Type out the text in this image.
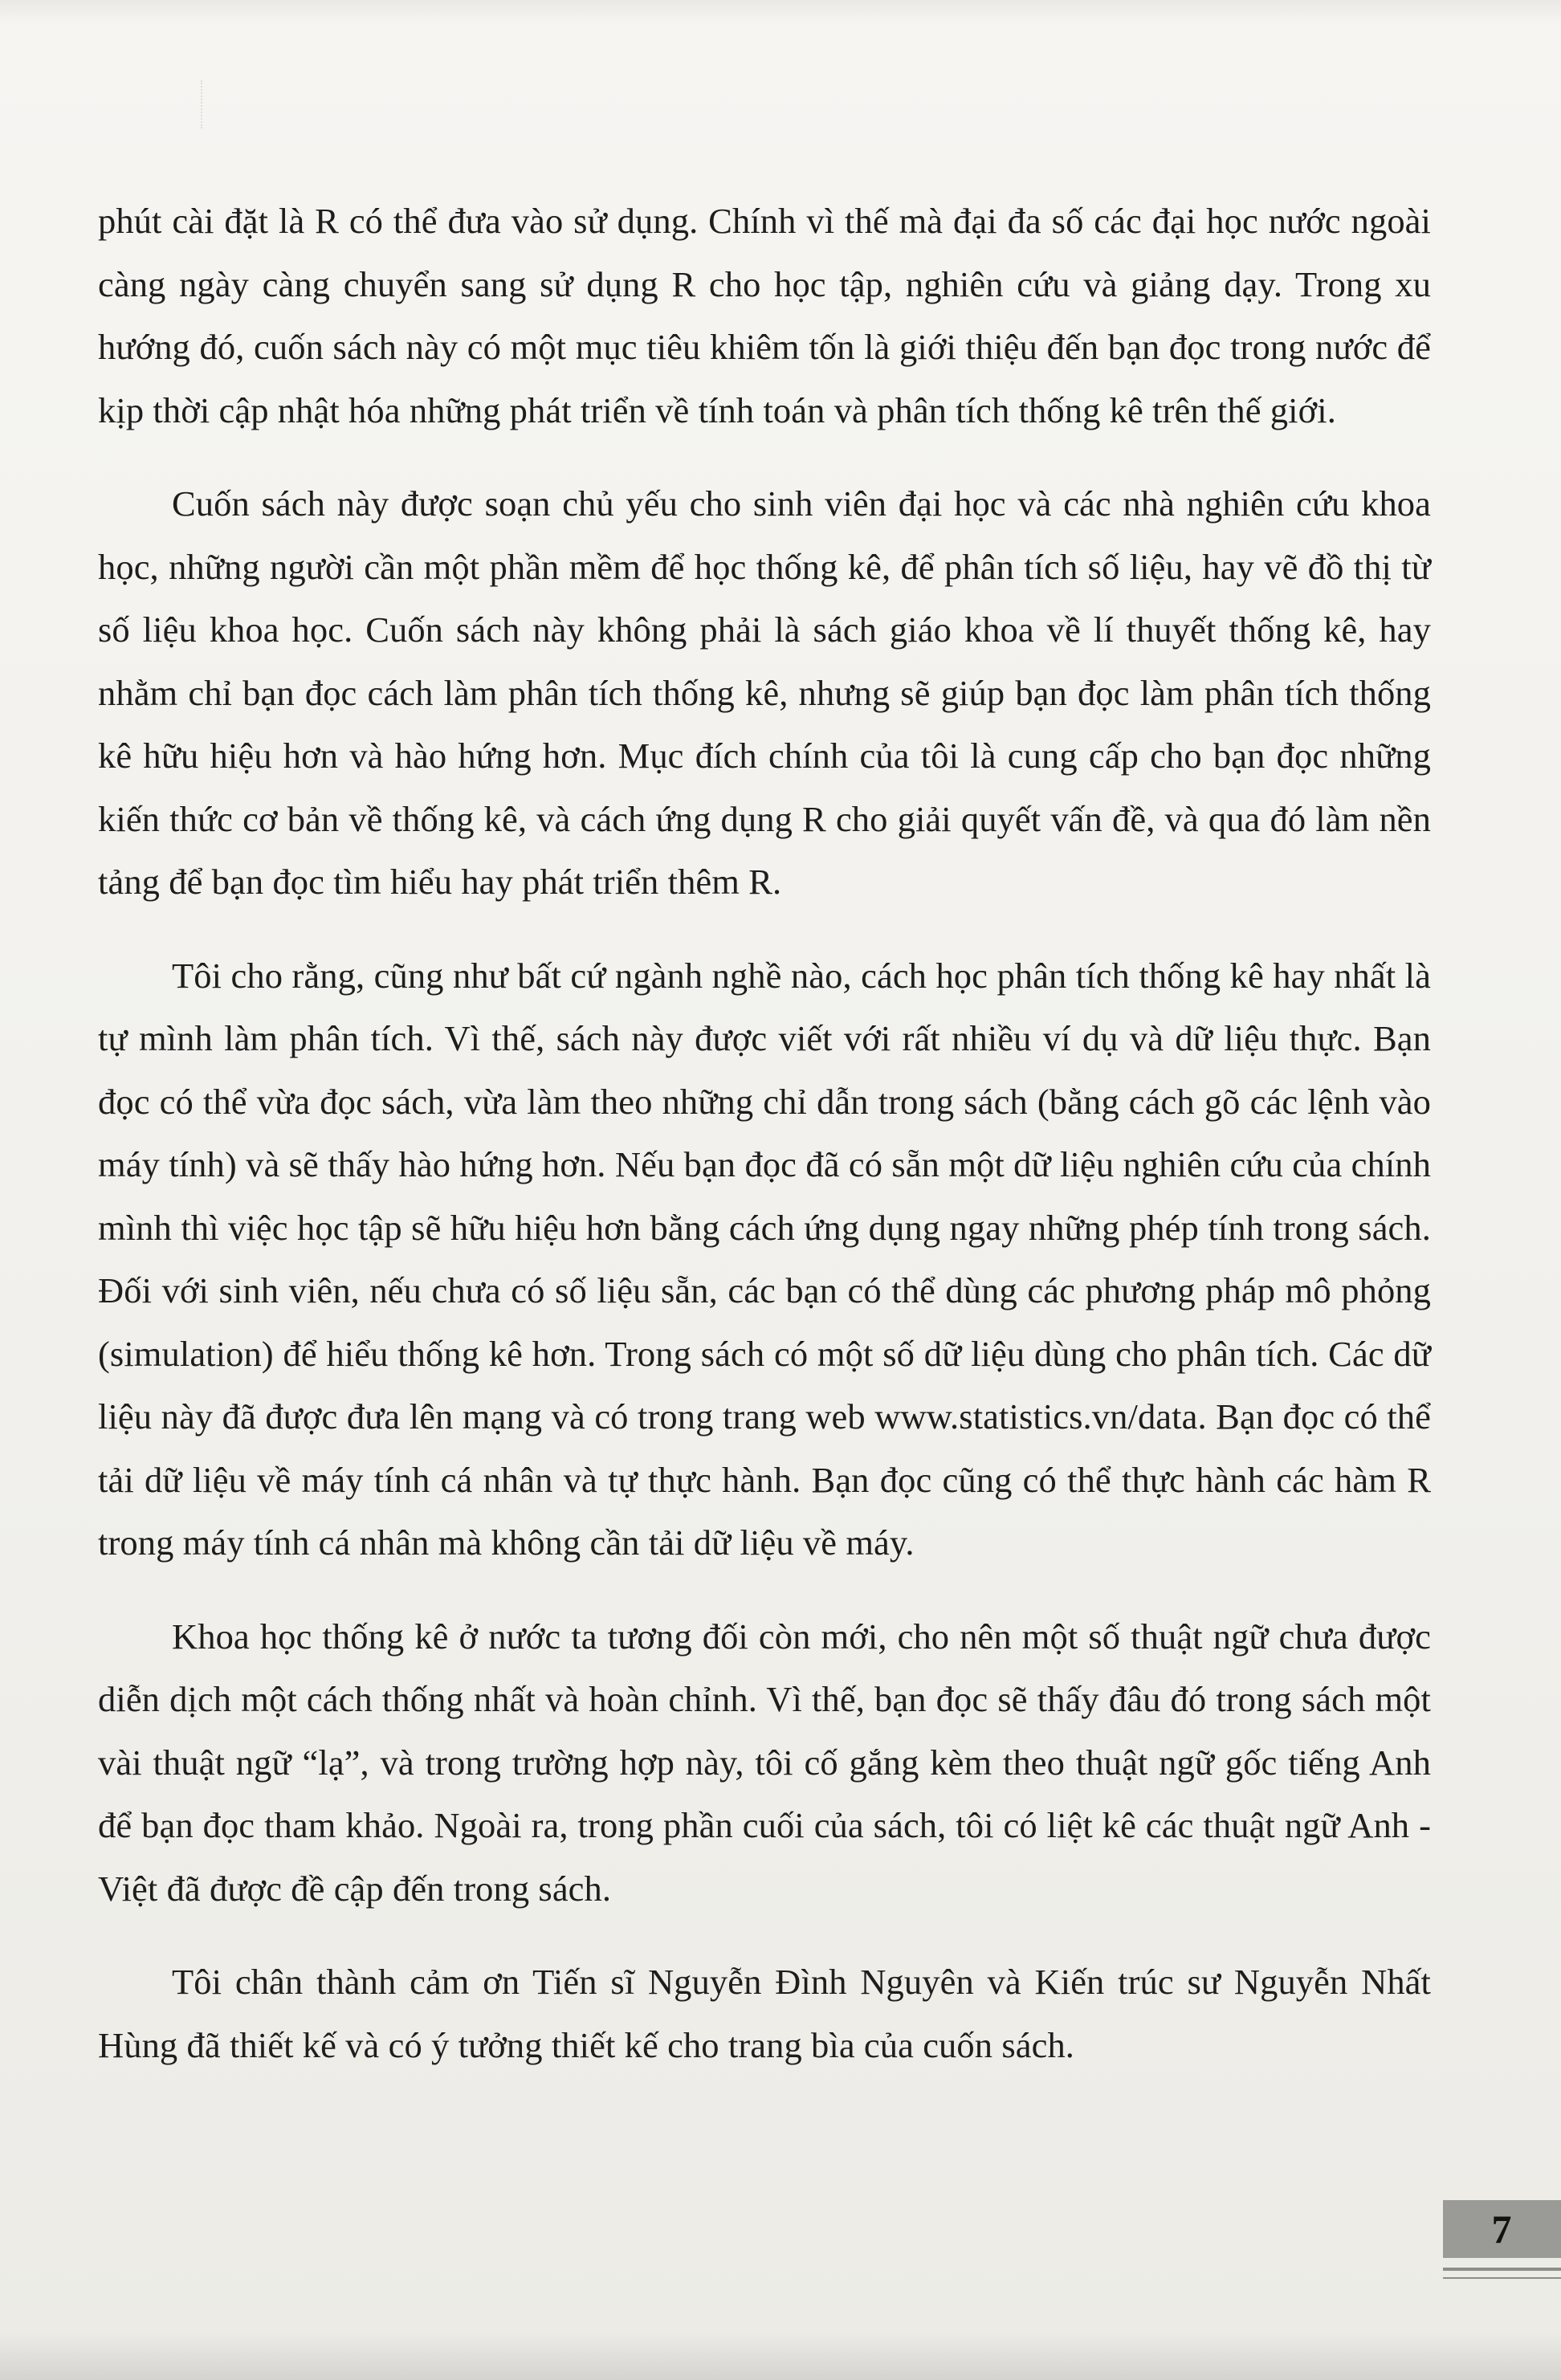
phút cài đặt là R có thể đưa vào sử dụng. Chính vì thế mà đại đa số các đại học nước ngoài càng ngày càng chuyển sang sử dụng R cho học tập, nghiên cứu và giảng dạy. Trong xu hướng đó, cuốn sách này có một mục tiêu khiêm tốn là giới thiệu đến bạn đọc trong nước để kịp thời cập nhật hóa những phát triển về tính toán và phân tích thống kê trên thế giới.

Cuốn sách này được soạn chủ yếu cho sinh viên đại học và các nhà nghiên cứu khoa học, những người cần một phần mềm để học thống kê, để phân tích số liệu, hay vẽ đồ thị từ số liệu khoa học. Cuốn sách này không phải là sách giáo khoa về lí thuyết thống kê, hay nhằm chỉ bạn đọc cách làm phân tích thống kê, nhưng sẽ giúp bạn đọc làm phân tích thống kê hữu hiệu hơn và hào hứng hơn. Mục đích chính của tôi là cung cấp cho bạn đọc những kiến thức cơ bản về thống kê, và cách ứng dụng R cho giải quyết vấn đề, và qua đó làm nền tảng để bạn đọc tìm hiểu hay phát triển thêm R.

Tôi cho rằng, cũng như bất cứ ngành nghề nào, cách học phân tích thống kê hay nhất là tự mình làm phân tích. Vì thế, sách này được viết với rất nhiều ví dụ và dữ liệu thực. Bạn đọc có thể vừa đọc sách, vừa làm theo những chỉ dẫn trong sách (bằng cách gõ các lệnh vào máy tính) và sẽ thấy hào hứng hơn. Nếu bạn đọc đã có sẵn một dữ liệu nghiên cứu của chính mình thì việc học tập sẽ hữu hiệu hơn bằng cách ứng dụng ngay những phép tính trong sách. Đối với sinh viên, nếu chưa có số liệu sẵn, các bạn có thể dùng các phương pháp mô phỏng (simulation) để hiểu thống kê hơn. Trong sách có một số dữ liệu dùng cho phân tích. Các dữ liệu này đã được đưa lên mạng và có trong trang web www.statistics.vn/data. Bạn đọc có thể tải dữ liệu về máy tính cá nhân và tự thực hành. Bạn đọc cũng có thể thực hành các hàm R trong máy tính cá nhân mà không cần tải dữ liệu về máy.

Khoa học thống kê ở nước ta tương đối còn mới, cho nên một số thuật ngữ chưa được diễn dịch một cách thống nhất và hoàn chỉnh. Vì thế, bạn đọc sẽ thấy đâu đó trong sách một vài thuật ngữ “lạ”, và trong trường hợp này, tôi cố gắng kèm theo thuật ngữ gốc tiếng Anh để bạn đọc tham khảo. Ngoài ra, trong phần cuối của sách, tôi có liệt kê các thuật ngữ Anh - Việt đã được đề cập đến trong sách.

Tôi chân thành cảm ơn Tiến sĩ Nguyễn Đình Nguyên và Kiến trúc sư Nguyễn Nhất Hùng đã thiết kế và có ý tưởng thiết kế cho trang bìa của cuốn sách.

7
